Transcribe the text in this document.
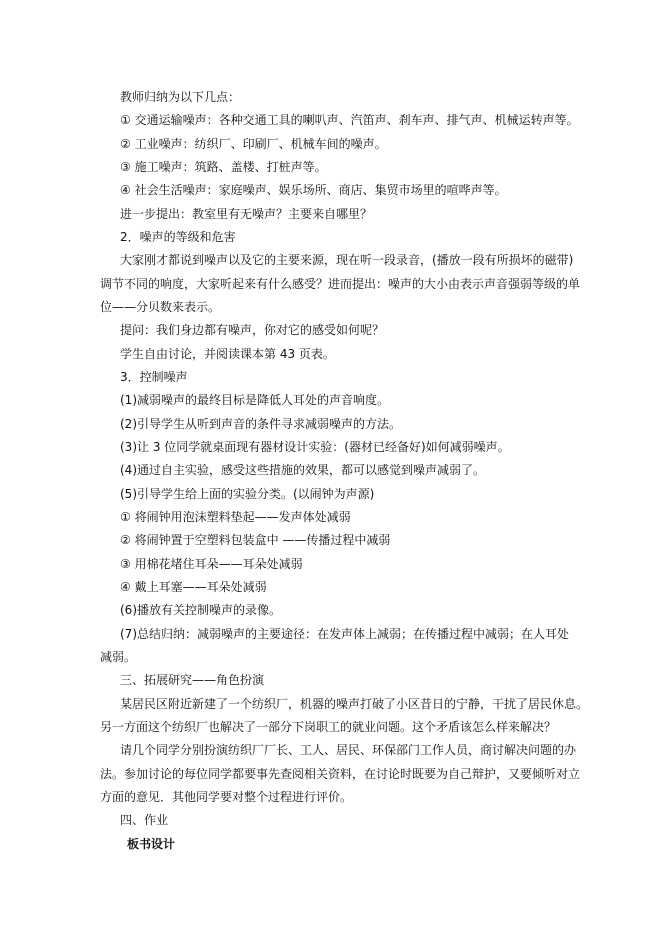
教师归纳为以下几点：
① 交通运输噪声：各种交通工具的喇叭声、汽笛声、刹车声、排气声、机械运转声等。
② 工业噪声：纺织厂、印刷厂、机械车间的噪声。
③ 施工噪声：筑路、盖楼、打桩声等。
④ 社会生活噪声：家庭噪声、娱乐场所、商店、集贸市场里的喧哗声等。
进一步提出：教室里有无噪声？主要来自哪里？
2．噪声的等级和危害
大家刚才都说到噪声以及它的主要来源，现在听一段录音，(播放一段有所损坏的磁带)
调节不同的响度，大家听起来有什么感受？进而提出：噪声的大小由表示声音强弱等级的单
位——分贝数来表示。
提问：我们身边都有噪声，你对它的感受如何呢？
学生自由讨论，并阅读课本第 43 页表。
3．控制噪声
(1)减弱噪声的最终目标是降低人耳处的声音响度。
(2)引导学生从听到声音的条件寻求减弱噪声的方法。
(3)让 3 位同学就桌面现有器材设计实验：(器材已经备好)如何减弱噪声。
(4)通过自主实验，感受这些措施的效果，都可以感觉到噪声减弱了。
(5)引导学生给上面的实验分类。(以闹钟为声源)
① 将闹钟用泡沫塑料垫起——发声体处减弱
② 将闹钟置于空塑料包装盒中 ——传播过程中减弱
③ 用棉花堵住耳朵——耳朵处减弱
④ 戴上耳塞——耳朵处减弱
(6)播放有关控制噪声的录像。
(7)总结归纳：减弱噪声的主要途径：在发声体上减弱；在传播过程中减弱；在人耳处
减弱。
三、拓展研究——角色扮演
某居民区附近新建了一个纺织厂，机器的噪声打破了小区昔日的宁静，干扰了居民休息。
另一方面这个纺织厂也解决了一部分下岗职工的就业问题。这个矛盾该怎么样来解决？
请几个同学分别扮演纺织厂厂长、工人、居民、环保部门工作人员，商讨解决问题的办
法。参加讨论的每位同学都要事先查阅相关资料，在讨论时既要为自己辩护，又要倾听对立
方面的意见．其他同学要对整个过程进行评价。
四、作业
板书设计
